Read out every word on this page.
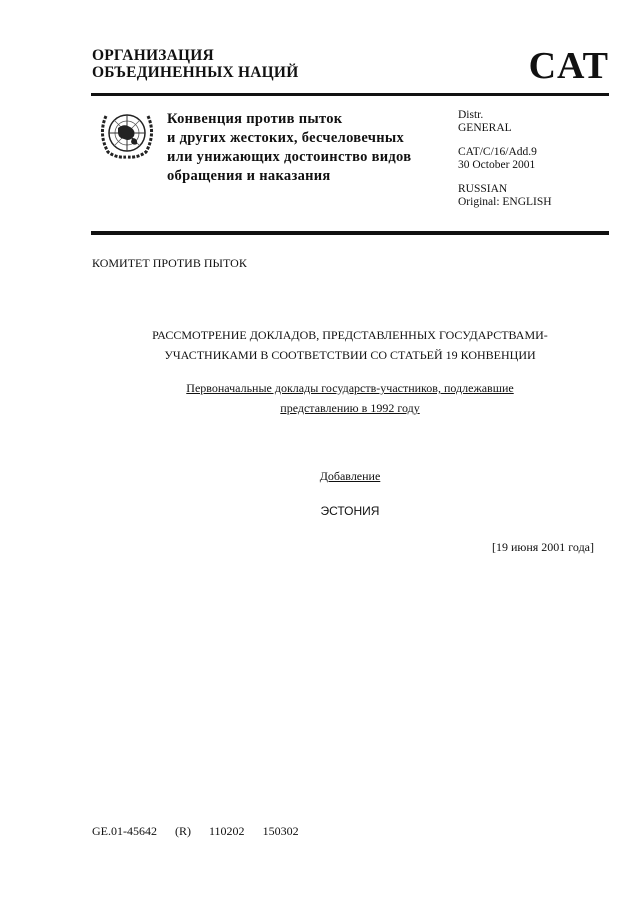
ОРГАНИЗАЦИЯ
ОБЪЕДИНЕННЫХ НАЦИЙ	CAT
Конвенция против пыток
и других жестоких, бесчеловечных
или унижающих достоинство видов
обращения и наказания
Distr.
GENERAL
CAT/C/16/Add.9
30 October 2001
RUSSIAN
Original: ENGLISH
КОМИТЕТ ПРОТИВ ПЫТОК
РАССМОТРЕНИЕ ДОКЛАДОВ, ПРЕДСТАВЛЕННЫХ ГОСУДАРСТВАМИ-
УЧАСТНИКАМИ В СООТВЕТСТВИИ СО СТАТЬЕЙ 19 КОНВЕНЦИИ
Первоначальные доклады государств-участников, подлежавшие
представлению в 1992 году
Добавление
ЭСТОНИЯ
[19 июня 2001 года]
GE.01-45642 (R) 110202 150302
